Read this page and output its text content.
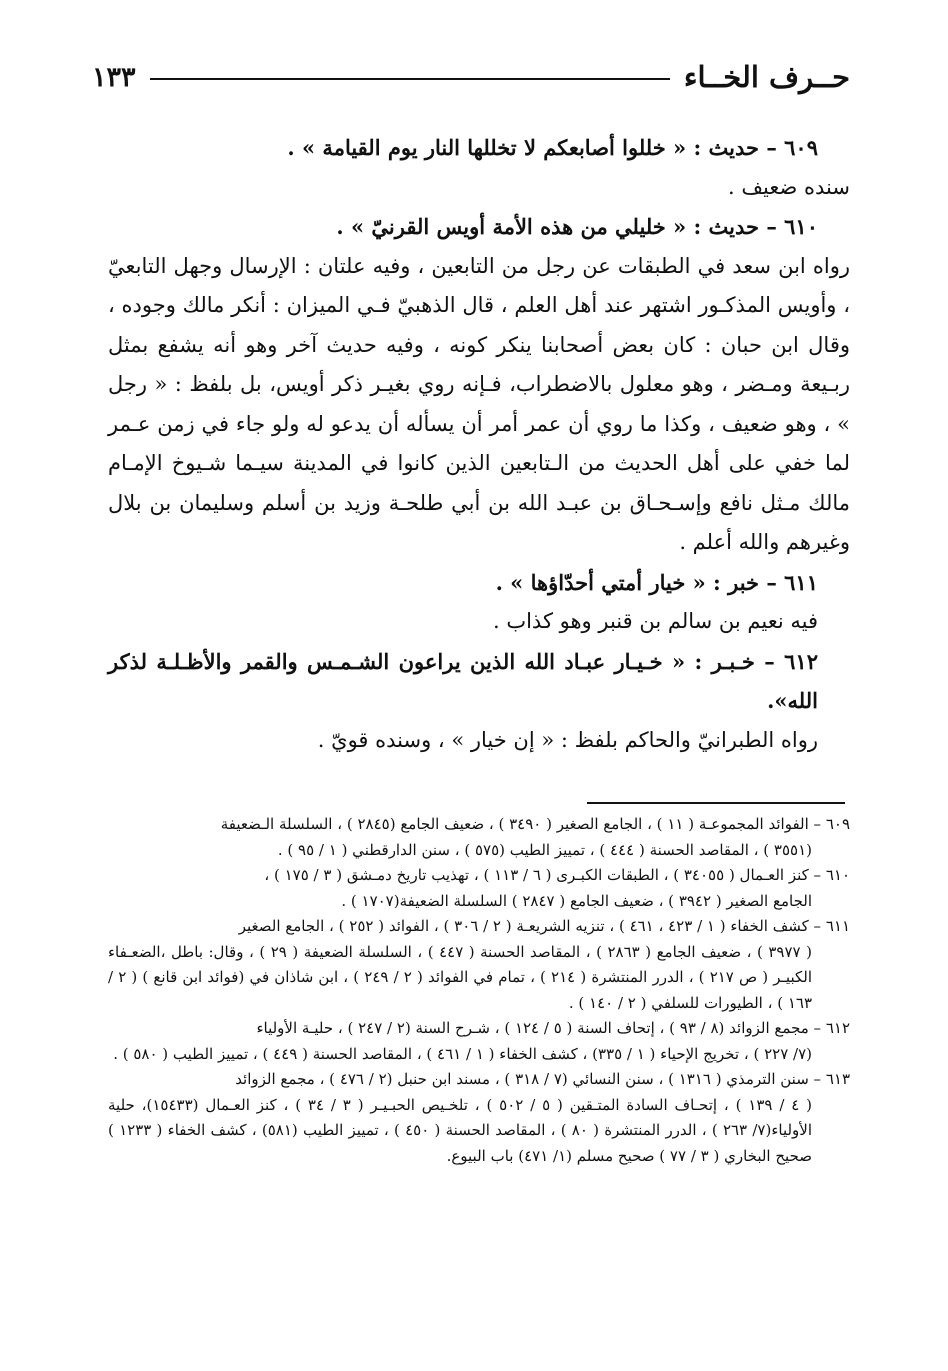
حــرف الخــاء
١٣٣

٦٠٩ – حديث : « خللوا أصابعكم لا تخللها النار يوم القيامة » .

سنده ضعيف .

٦١٠ – حديث : « خليلي من هذه الأمة أويس القرنيّ » .

رواه ابن سعد في الطبقات عن رجل من التابعين ، وفيه علتان : الإرسال وجهل التابعيّ ، وأويس المذكـور اشتهر عند أهل العلم ، قال الذهبيّ فـي الميزان : أنكر مالك وجوده ، وقال ابن حبان : كان بعض أصحابنا ينكر كونه ، وفيه حديث آخر وهو أنه يشفع بمثل ربـيعة ومـضر ، وهو معلول بالاضطراب، فـإنه روي بغيـر ذكر أويس، بل بلفظ : « رجل » ، وهو ضعيف ، وكذا ما روي أن عمر أمر أن يسأله أن يدعو له ولو جاء في زمن عـمر لما خفي على أهل الحديث من الـتابعين الذين كانوا في المدينة سيـما شـيوخ الإمـام مالك مـثل نافع وإسـحـاق بن عبـد الله بن أبي طلحـة وزيد بن أسلم وسليمان بن بلال وغيرهم والله أعلم .

٦١١ – خبر : « خيار أمتي أحدّاؤها » .

فيه نعيم بن سالم بن قنبر وهو كذاب .

٦١٢ – خـبـر : « خـيـار عبـاد الله الذين يراعون الشـمـس والقمر والأظـلـة لذكر الله».

رواه الطبرانيّ والحاكم بلفظ : « إن خيار » ، وسنده قويّ .

٦٠٩ – الفوائد المجموعـة ( ١١ ) ، الجامع الصغير ( ٣٤٩٠ ) ، ضعيف الجامع (٢٨٤٥ ) ، السلسلة الـضعيفة

(٣٥٥١ ) ، المقاصد الحسنة ( ٤٤٤ ) ، تمييز الطيب (٥٧٥ ) ، سنن الدارقطني ( ١ / ٩٥ ) .

٦١٠ – كنز العـمال ( ٣٤٠٥٥ ) ، الطبقات الكبـرى ( ٦ / ١١٣ ) ، تهذيب تاريخ دمـشق ( ٣ / ١٧٥ ) ،

الجامع الصغير ( ٣٩٤٢ ) ، ضعيف الجامع ( ٢٨٤٧ ) السلسلة الضعيفة(١٧٠٧ ) .

٦١١ – كشف الخفاء ( ١ / ٤٢٣ ، ٤٦١ ) ، تنزيه الشريعـة ( ٢ / ٣٠٦ ) ، الفوائد ( ٢٥٢ ) ، الجامع الصغير

( ٣٩٧٧ ) ، ضعيف الجامع ( ٢٨٦٣ ) ، المقاصد الحسنة ( ٤٤٧ ) ، السلسلة الضعيفة ( ٢٩ ) ، وقال: باطل ،الضعـفاء الكبيـر ( ص ٢١٧ ) ، الدرر المنتشرة ( ٢١٤ ) ، تمام في الفوائد ( ٢ / ٢٤٩ ) ، ابن شاذان في (فوائد ابن قانع ) ( ٢ / ١٦٣ ) ، الطيورات للسلفي ( ٢ / ١٤٠ ) .

٦١٢ – مجمع الزوائد (٨ / ٩٣ ) ، إتحاف السنة ( ٥ / ١٢٤ ) ، شـرح السنة (٢ / ٢٤٧ ) ، حليـة الأولياء

(٧/ ٢٢٧ ) ، تخريج الإحياء ( ١ / ٣٣٥) ، كشف الخفاء ( ١ / ٤٦١ ) ، المقاصد الحسنة ( ٤٤٩ ) ، تمييز الطيب ( ٥٨٠ ) .

٦١٣ – سنن الترمذي ( ١٣١٦ ) ، سنن النسائي (٧ / ٣١٨ ) ، مسند ابن حنبل (٢ / ٤٧٦ ) ، مجمع الزوائد

( ٤ / ١٣٩ ) ، إتحـاف السادة المتـقين ( ٥ / ٥٠٢ ) ، تلخـيص الحبـيـر ( ٣ / ٣٤ ) ، كنز العـمال (١٥٤٣٣)، حلية الأولياء(٧/ ٢٦٣ ) ، الدرر المنتشرة ( ٨٠ ) ، المقاصد الحسنة ( ٤٥٠ ) ، تمييز الطيب (٥٨١) ، كشف الخفاء ( ١٢٣٣ ) صحيح البخاري ( ٣ / ٧٧ ) صحيح مسلم (١/ ٤٧١) باب البيوع.
